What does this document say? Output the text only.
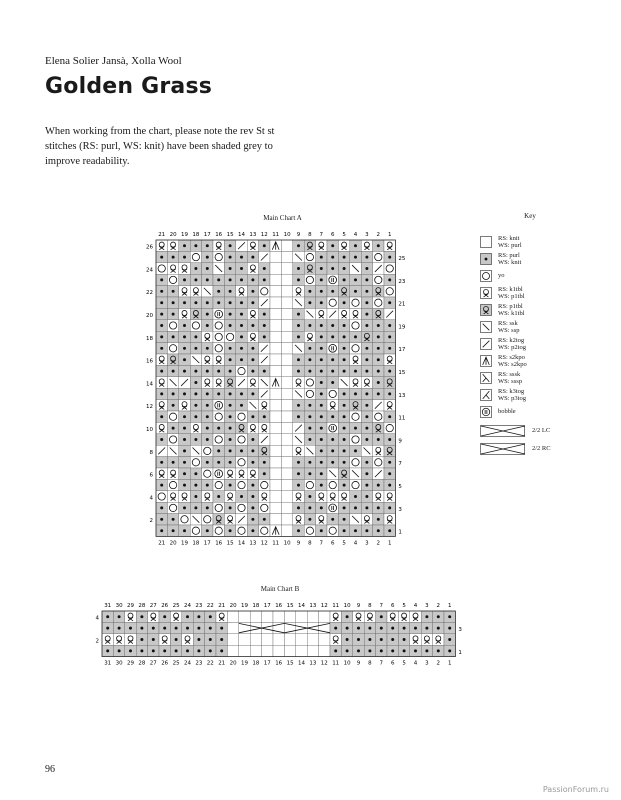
Elena Solier Jansà, Xolla Wool
Golden Grass
When working from the chart, please note the rev St st stitches (RS: purl, WS: knit) have been shaded grey to improve readability.
Main Chart A
21
21
20
20
19
19
18
18
17
17
16
16
15
15
14
14
13
13
12
12
11
11
10
10
9
9
8
8
7
7
6
6
5
5
4
4
3
3
2
2
1
1
26
24
22
20
18
16
14
12
10
8
6
4
2
25
23
21
19
17
15
13
11
9
7
5
3
1
Main Chart B
31
31
30
30
29
29
28
28
27
27
26
26
25
25
24
24
23
23
22
22
21
21
20
20
19
19
18
18
17
17
16
16
15
15
14
14
13
13
12
12
11
11
10
10
9
9
8
8
7
7
6
6
5
5
4
4
3
3
2
2
1
1
4
2
3
1
Key
RS: knit
WS: purl
RS: purl
WS: knit
yo
RS: k1tbl
WS: p1tbl
RS: p1tbl
WS: k1tbl
RS: ssk
WS: ssp
RS: k2tog
WS: p2tog
RS: s2kpo
WS: s2kpo
RS: sssk
WS: sssp
RS: k3tog
WS: p3tog
bobble
2/2 LC
2/2 RC
96
PassionForum.ru
